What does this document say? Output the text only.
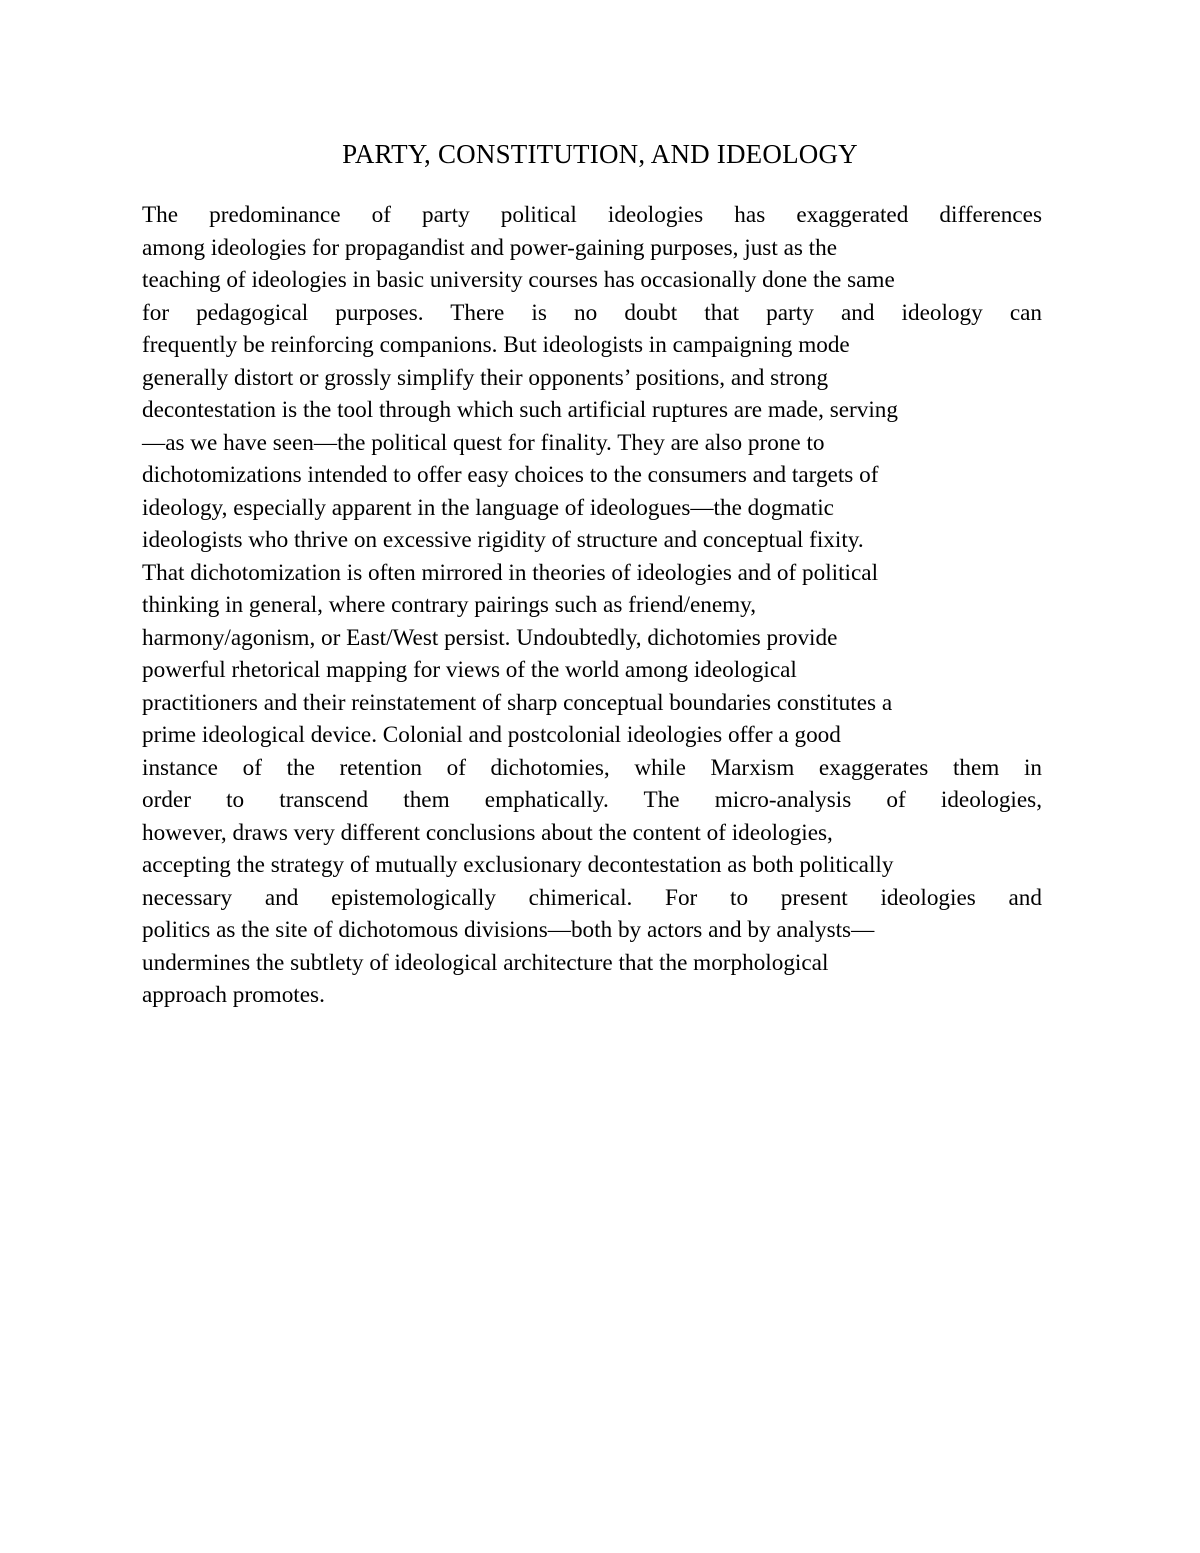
PARTY, CONSTITUTION, AND IDEOLOGY
The predominance of party political ideologies has exaggerated differences
among ideologies for propagandist and power-gaining purposes, just as the
teaching of ideologies in basic university courses has occasionally done the same
for pedagogical purposes. There is no doubt that party and ideology can
frequently be reinforcing companions. But ideologists in campaigning mode
generally distort or grossly simplify their opponents’ positions, and strong
decontestation is the tool through which such artificial ruptures are made, serving
—as we have seen—the political quest for finality. They are also prone to
dichotomizations intended to offer easy choices to the consumers and targets of
ideology, especially apparent in the language of ideologues—the dogmatic
ideologists who thrive on excessive rigidity of structure and conceptual fixity.
That dichotomization is often mirrored in theories of ideologies and of political
thinking in general, where contrary pairings such as friend/enemy,
harmony/agonism, or East/West persist. Undoubtedly, dichotomies provide
powerful rhetorical mapping for views of the world among ideological
practitioners and their reinstatement of sharp conceptual boundaries constitutes a
prime ideological device. Colonial and postcolonial ideologies offer a good
instance of the retention of dichotomies, while Marxism exaggerates them in
order to transcend them emphatically. The micro-analysis of ideologies,
however, draws very different conclusions about the content of ideologies,
accepting the strategy of mutually exclusionary decontestation as both politically
necessary and epistemologically chimerical. For to present ideologies and
politics as the site of dichotomous divisions—both by actors and by analysts—
undermines the subtlety of ideological architecture that the morphological
approach promotes.
